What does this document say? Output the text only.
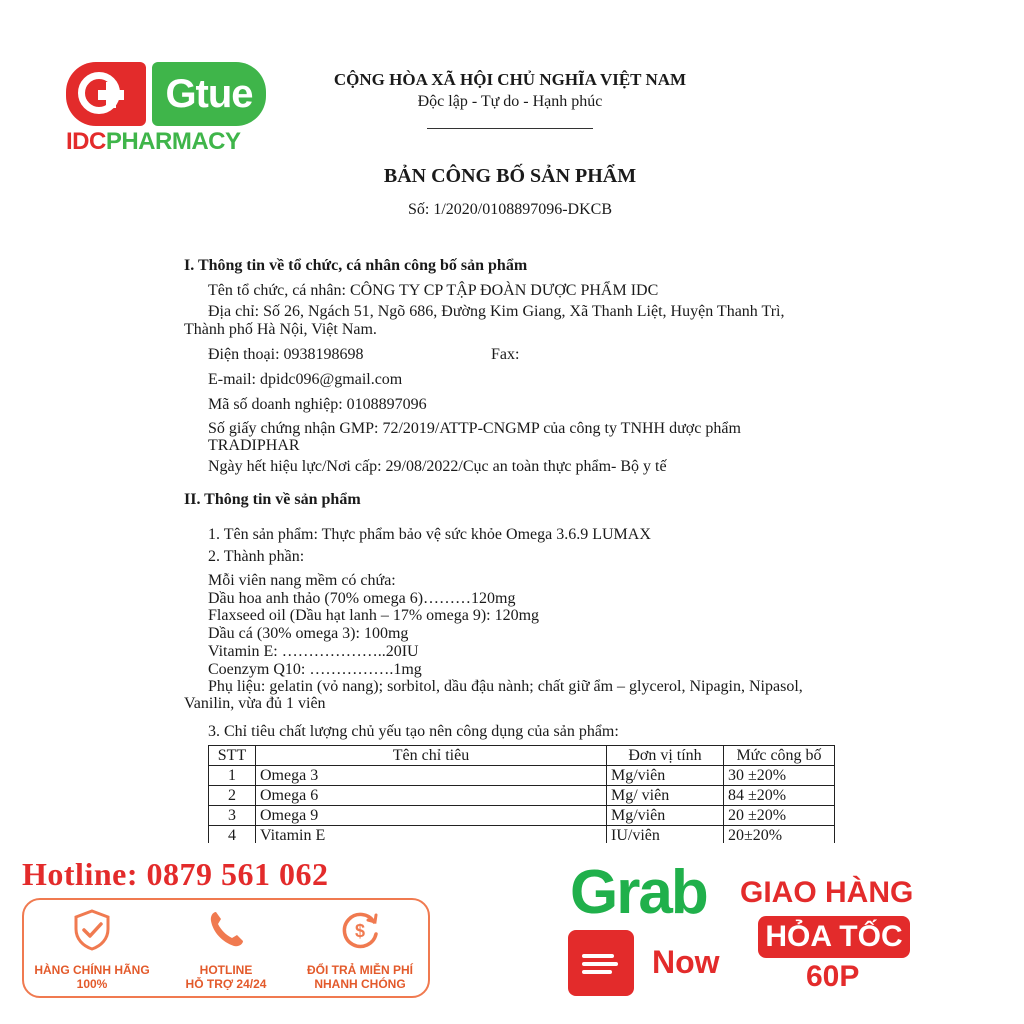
Gtue
IDCPHARMACY
CỘNG HÒA XÃ HỘI CHỦ NGHĨA VIỆT NAM
Độc lập - Tự do - Hạnh phúc
BẢN CÔNG BỐ SẢN PHẨM
Số: 1/2020/0108897096-DKCB
I. Thông tin về tổ chức, cá nhân công bố sản phẩm
Tên tổ chức, cá nhân: CÔNG TY CP TẬP ĐOÀN DƯỢC PHẨM IDC
Địa chỉ: Số 26, Ngách 51, Ngõ 686, Đường Kim Giang, Xã Thanh Liệt, Huyện Thanh Trì,
Thành phố Hà Nội, Việt Nam.
Điện thoại: 0938198698	Fax:
E-mail: dpidc096@gmail.com
Mã số doanh nghiệp: 0108897096
Số giấy chứng nhận GMP: 72/2019/ATTP-CNGMP của công ty TNHH dược phẩm
TRADIPHAR
Ngày hết hiệu lực/Nơi cấp: 29/08/2022/Cục an toàn thực phẩm- Bộ y tế
II. Thông tin về sản phẩm
1. Tên sản phẩm: Thực phẩm bảo vệ sức khỏe Omega 3.6.9 LUMAX
2. Thành phần:
Mỗi viên nang mềm có chứa:
Dầu hoa anh thảo (70% omega 6)………120mg
Flaxseed oil (Dầu hạt lanh – 17% omega 9): 120mg
Dầu cá (30% omega 3): 100mg
Vitamin E: ………………..20IU
Coenzym Q10: …………….1mg
Phụ liệu: gelatin (vỏ nang); sorbitol, dầu đậu nành; chất giữ ẩm – glycerol, Nipagin, Nipasol,
Vanilin, vừa đủ 1 viên
3. Chỉ tiêu chất lượng chủ yếu tạo nên công dụng của sản phẩm:
STT	Tên chỉ tiêu	Đơn vị tính	Mức công bố
1	Omega 3	Mg/viên	30 ±20%
2	Omega 6	Mg/ viên	84 ±20%
3	Omega 9	Mg/viên	20 ±20%
4	Vitamin E	IU/viên	20±20%
Hotline: 0879 561 062
HÀNG CHÍNH HÃNG
100%
HOTLINE
HỖ TRỢ 24/24
$
ĐỔI TRẢ MIỄN PHÍ
NHANH CHÓNG
Grab
Now
GIAO HÀNG
HỎA TỐC
60P
